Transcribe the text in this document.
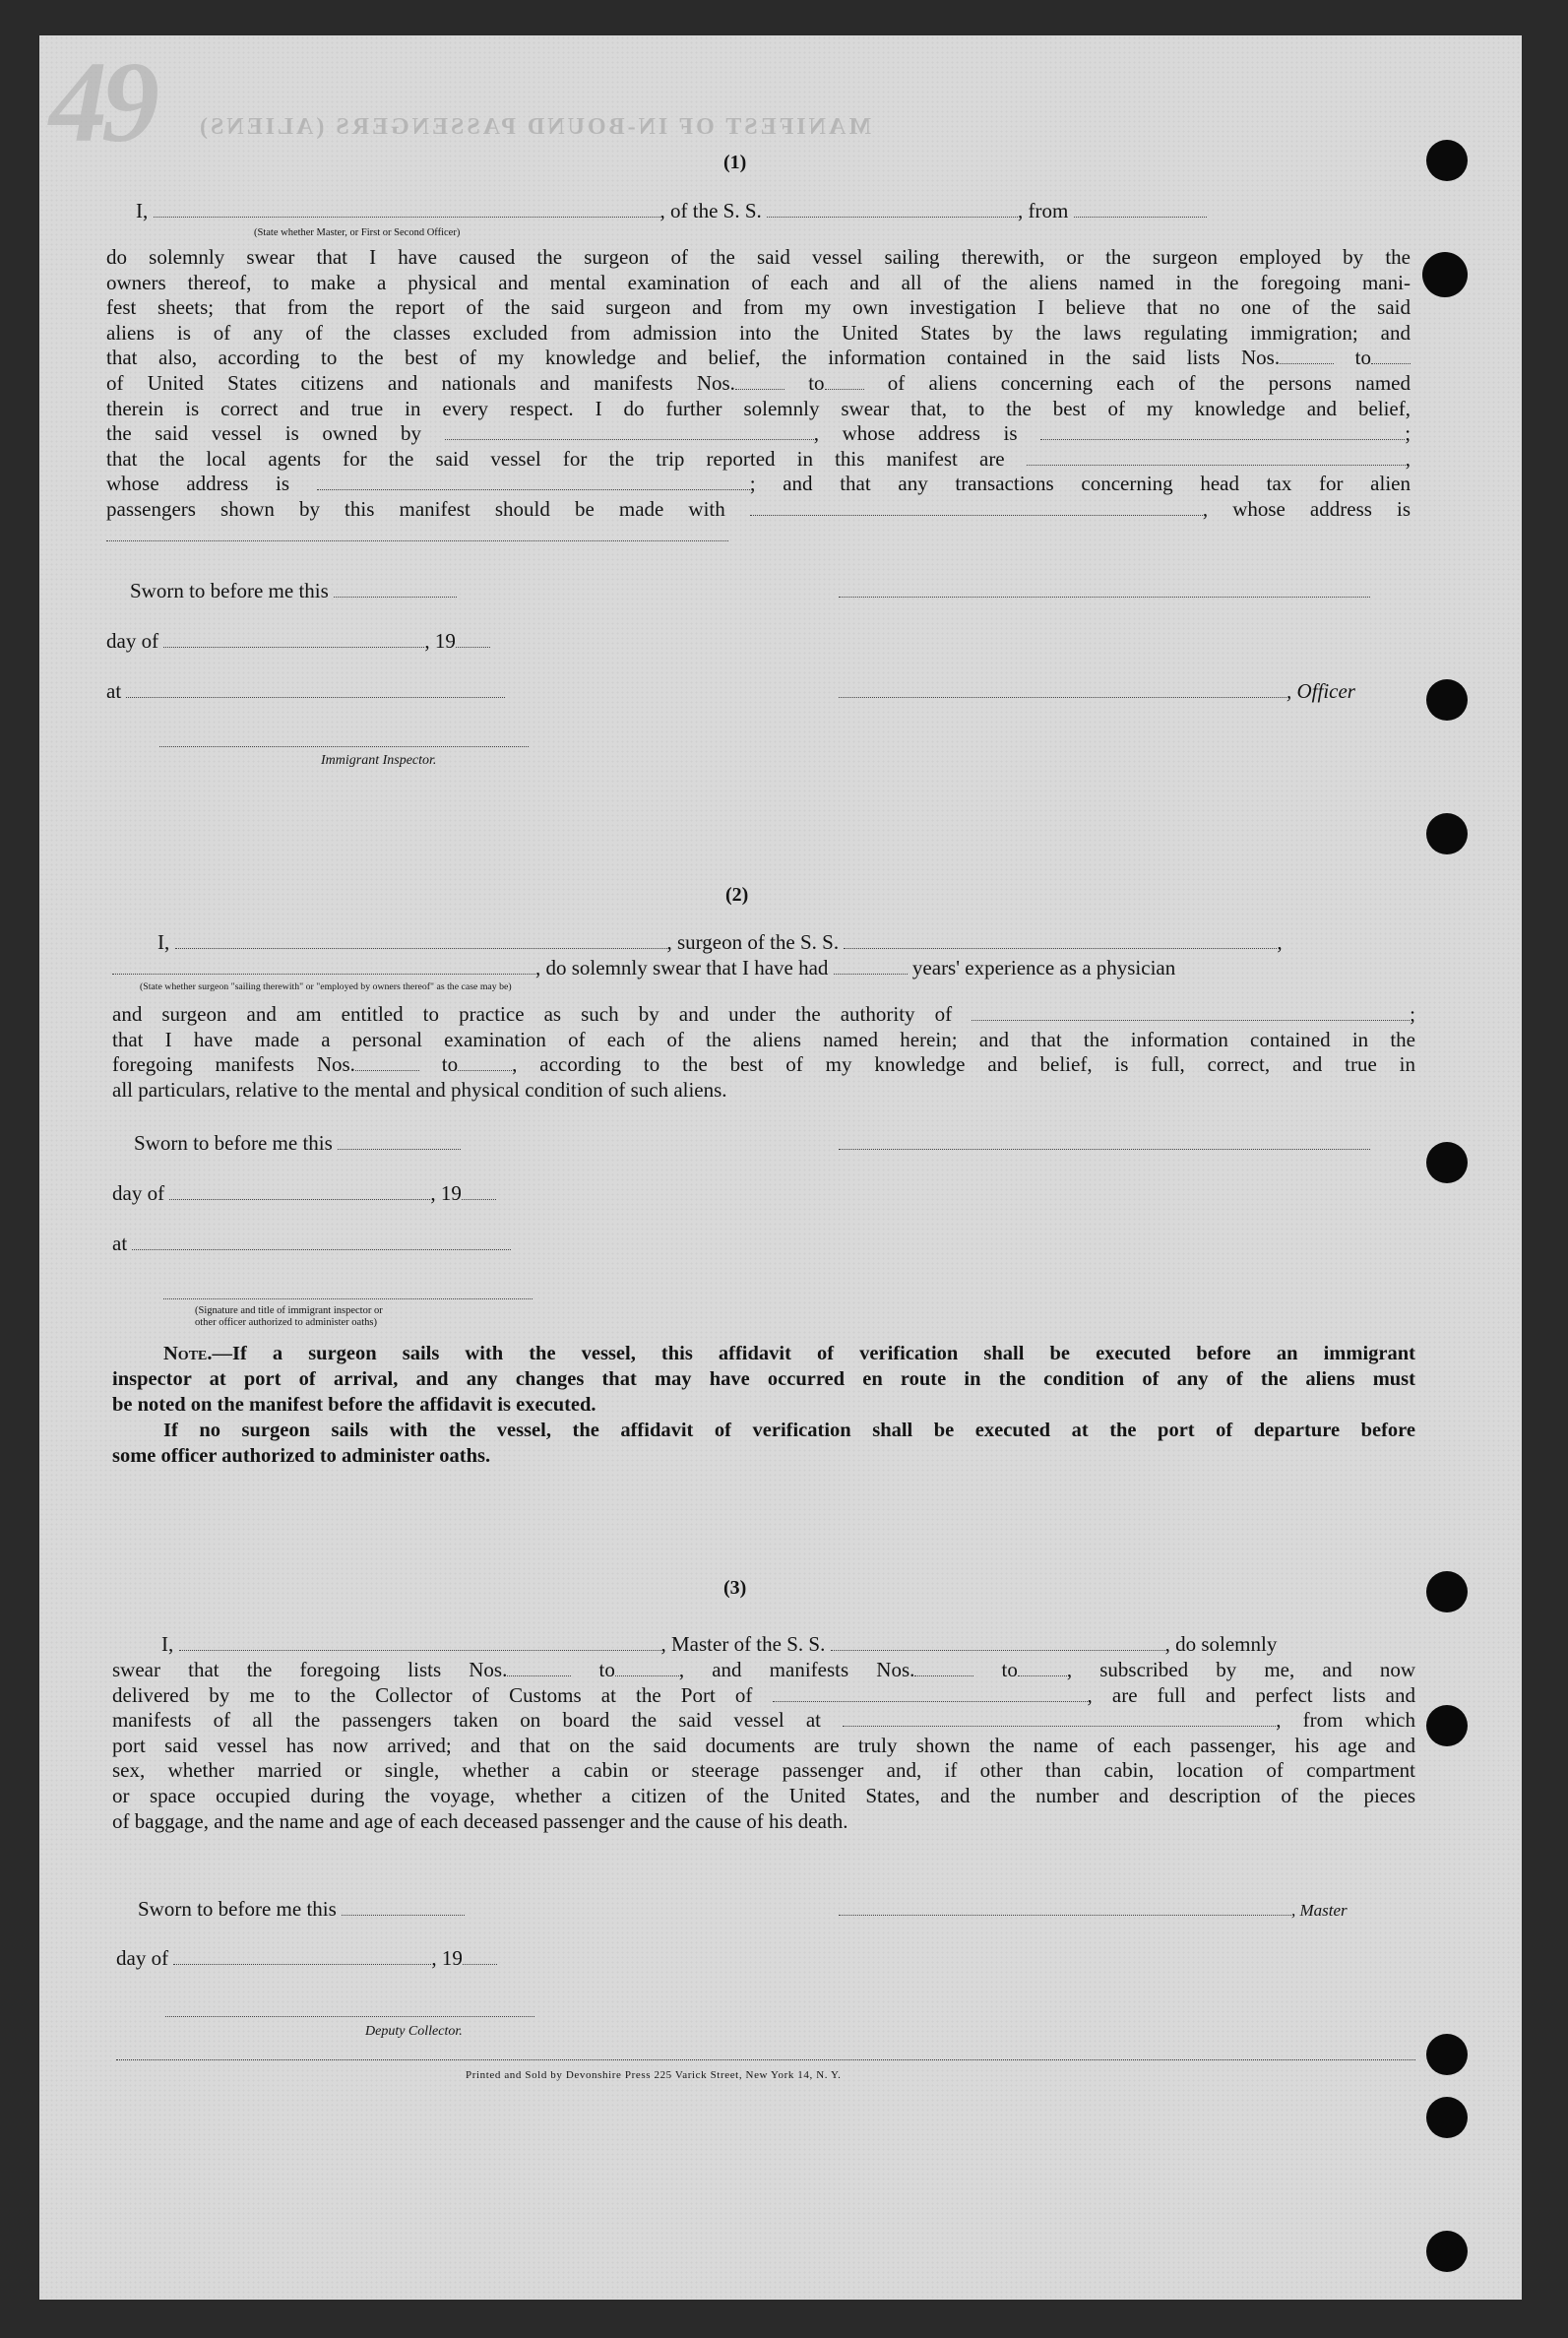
49 MANIFEST OF IN-BOUND PASSENGERS (ALIENS)
(1)
I,	, of the S. S.	, from
(State whether Master, or First or Second Officer)
do solemnly swear that I have caused the surgeon of the said vessel sailing therewith, or the surgeon employed by the
owners thereof, to make a physical and mental examination of each and all of the aliens named in the foregoing mani-
fest sheets; that from the report of the said surgeon and from my own investigation I believe that no one of the said
aliens is of any of the classes excluded from admission into the United States by the laws regulating immigration; and
that also, according to the best of my knowledge and belief, the information contained in the said lists Nos.	to
of United States citizens and nationals and manifests Nos.	to	of aliens concerning each of the persons named
therein is correct and true in every respect. I do further solemnly swear that, to the best of my knowledge and belief,
the said vessel is owned by	, whose address is	;
that the local agents for the said vessel for the trip reported in this manifest are	,
whose address is	; and that any transactions concerning head tax for alien
passengers shown by this manifest should be made with	, whose address is
Sworn to before me this
day of	, 19
at	, Officer
Immigrant Inspector.
(2)
I,	, surgeon of the S. S.	,
, do solemnly swear that I have had	years' experience as a physician
(State whether surgeon "sailing therewith" or "employed by owners thereof" as the case may be)
and surgeon and am entitled to practice as such by and under the authority of	;
that I have made a personal examination of each of the aliens named herein; and that the information contained in the
foregoing manifests Nos.	to	, according to the best of my knowledge and belief, is full, correct, and true in
all particulars, relative to the mental and physical condition of such aliens.
Sworn to before me this
day of	, 19
at
(Signature and title of immigrant inspector or
other officer authorized to administer oaths)
Note.—If a surgeon sails with the vessel, this affidavit of verification shall be executed before an immigrant
inspector at port of arrival, and any changes that may have occurred en route in the condition of any of the aliens must
be noted on the manifest before the affidavit is executed.
If no surgeon sails with the vessel, the affidavit of verification shall be executed at the port of departure before
some officer authorized to administer oaths.
(3)
I,	, Master of the S. S.	, do solemnly
swear that the foregoing lists Nos.	to	, and manifests Nos.	to , subscribed by me, and now
delivered by me to the Collector of Customs at the Port of	, are full and perfect lists and
manifests of all the passengers taken on board the said vessel at	, from which
port said vessel has now arrived; and that on the said documents are truly shown the name of each passenger, his age and
sex, whether married or single, whether a cabin or steerage passenger and, if other than cabin, location of compartment
or space occupied during the voyage, whether a citizen of the United States, and the number and description of the pieces
of baggage, and the name and age of each deceased passenger and the cause of his death.
Sworn to before me this	, Master
day of	, 19
Deputy Collector.
Printed and Sold by Devonshire Press 225 Varick Street, New York 14, N. Y.
